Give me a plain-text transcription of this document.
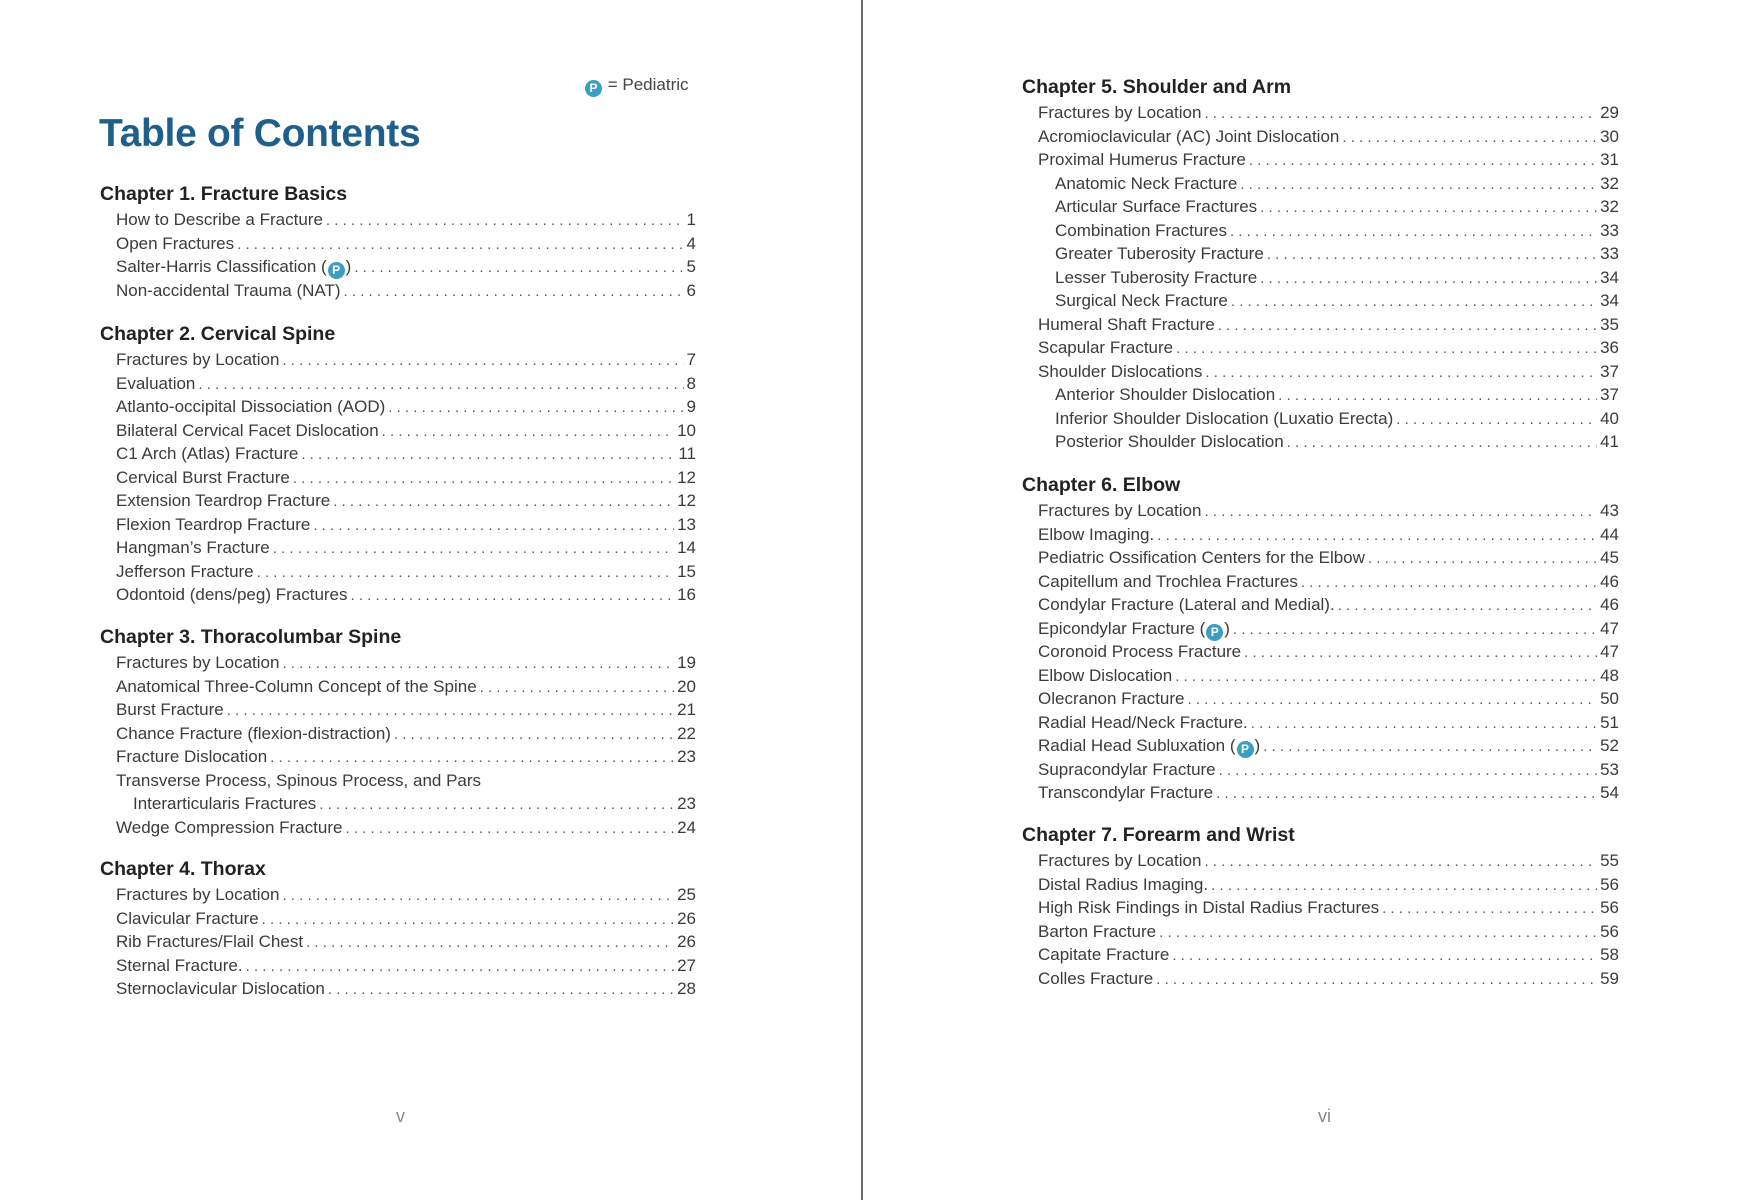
P = Pediatric
Table of Contents
Chapter 1. Fracture Basics
How to Describe a Fracture . . .	1
Open Fractures . . .	4
Salter-Harris Classification ( P ) . . .	5
Non-accidental Trauma (NAT) . . .	6
Chapter 2. Cervical Spine
Fractures by Location . . .	7
Evaluation . . .	8
Atlanto-occipital Dissociation (AOD) . . .	9
Bilateral Cervical Facet Dislocation . . .	10
C1 Arch (Atlas) Fracture . . .	11
Cervical Burst Fracture . . .	12
Extension Teardrop Fracture . . .	12
Flexion Teardrop Fracture . . .	13
Hangman’s Fracture . . .	14
Jefferson Fracture . . .	15
Odontoid (dens/peg) Fractures . . .	16
Chapter 3. Thoracolumbar Spine
Fractures by Location . . .	19
Anatomical Three-Column Concept of the Spine . . .	20
Burst Fracture . . .	21
Chance Fracture (flexion-distraction) . . .	22
Fracture Dislocation . . .	23
Transverse Process, Spinous Process, and Pars
Interarticularis Fractures . . .	23
Wedge Compression Fracture . . .	24
Chapter 4. Thorax
Fractures by Location . . .	25
Clavicular Fracture . . .	26
Rib Fractures/Flail Chest . . .	26
Sternal Fracture. . . .	27
Sternoclavicular Dislocation . . .	28
Chapter 5. Shoulder and Arm
Fractures by Location . . .	29
Acromioclavicular (AC) Joint Dislocation . . .	30
Proximal Humerus Fracture . . .	31
Anatomic Neck Fracture . . .	32
Articular Surface Fractures . . .	32
Combination Fractures . . .	33
Greater Tuberosity Fracture . . .	33
Lesser Tuberosity Fracture . . .	34
Surgical Neck Fracture . . .	34
Humeral Shaft Fracture . . .	35
Scapular Fracture . . .	36
Shoulder Dislocations . . .	37
Anterior Shoulder Dislocation . . .	37
Inferior Shoulder Dislocation (Luxatio Erecta) . . .	40
Posterior Shoulder Dislocation . . .	41
Chapter 6. Elbow
Fractures by Location . . .	43
Elbow Imaging. . . .	44
Pediatric Ossification Centers for the Elbow . . .	45
Capitellum and Trochlea Fractures . . .	46
Condylar Fracture (Lateral and Medial). . . .	46
Epicondylar Fracture ( P ) . . .	47
Coronoid Process Fracture . . .	47
Elbow Dislocation . . .	48
Olecranon Fracture . . .	50
Radial Head/Neck Fracture. . . .	51
Radial Head Subluxation ( P ) . . .	52
Supracondylar Fracture . . .	53
Transcondylar Fracture . . .	54
Chapter 7. Forearm and Wrist
Fractures by Location . . .	55
Distal Radius Imaging. . . .	56
High Risk Findings in Distal Radius Fractures . . .	56
Barton Fracture . . .	56
Capitate Fracture . . .	58
Colles Fracture . . .	59
v	vi
